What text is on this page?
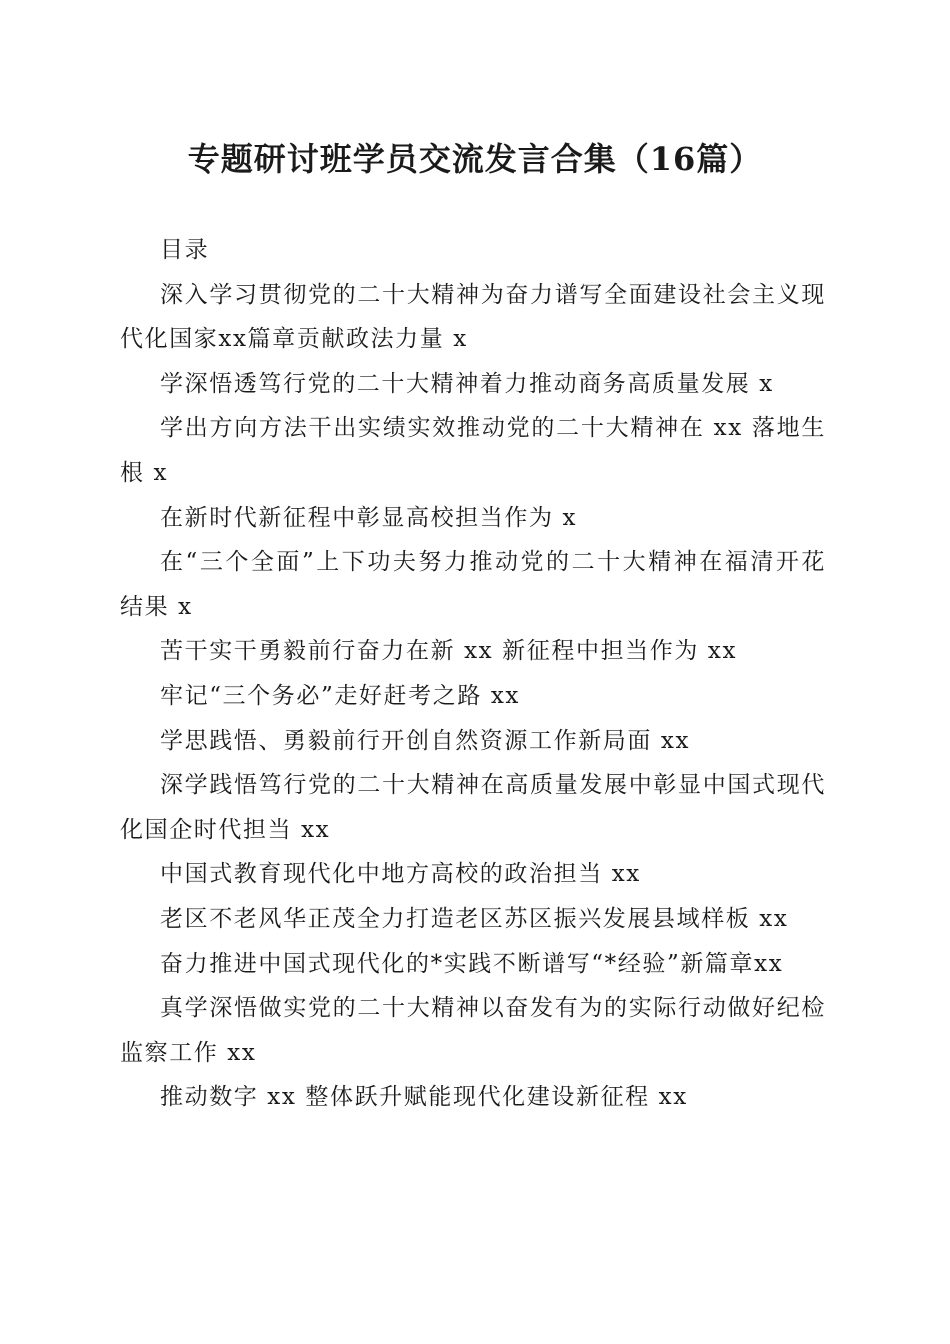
专题研讨班学员交流发言合集（16篇）

目录

深入学习贯彻党的二十大精神为奋力谱写全面建设社会主义现代化国家xx篇章贡献政法力量 x

学深悟透笃行党的二十大精神着力推动商务高质量发展 x

学出方向方法干出实绩实效推动党的二十大精神在 xx 落地生根 x

在新时代新征程中彰显高校担当作为 x

在“三个全面”上下功夫努力推动党的二十大精神在福清开花结果 x

苦干实干勇毅前行奋力在新 xx 新征程中担当作为 xx

牢记“三个务必”走好赶考之路 xx

学思践悟、勇毅前行开创自然资源工作新局面 xx

深学践悟笃行党的二十大精神在高质量发展中彰显中国式现代化国企时代担当 xx

中国式教育现代化中地方高校的政治担当 xx

老区不老风华正茂全力打造老区苏区振兴发展县域样板 xx

奋力推进中国式现代化的*实践不断谱写“*经验”新篇章xx

真学深悟做实党的二十大精神以奋发有为的实际行动做好纪检监察工作 xx

推动数字 xx 整体跃升赋能现代化建设新征程 xx
